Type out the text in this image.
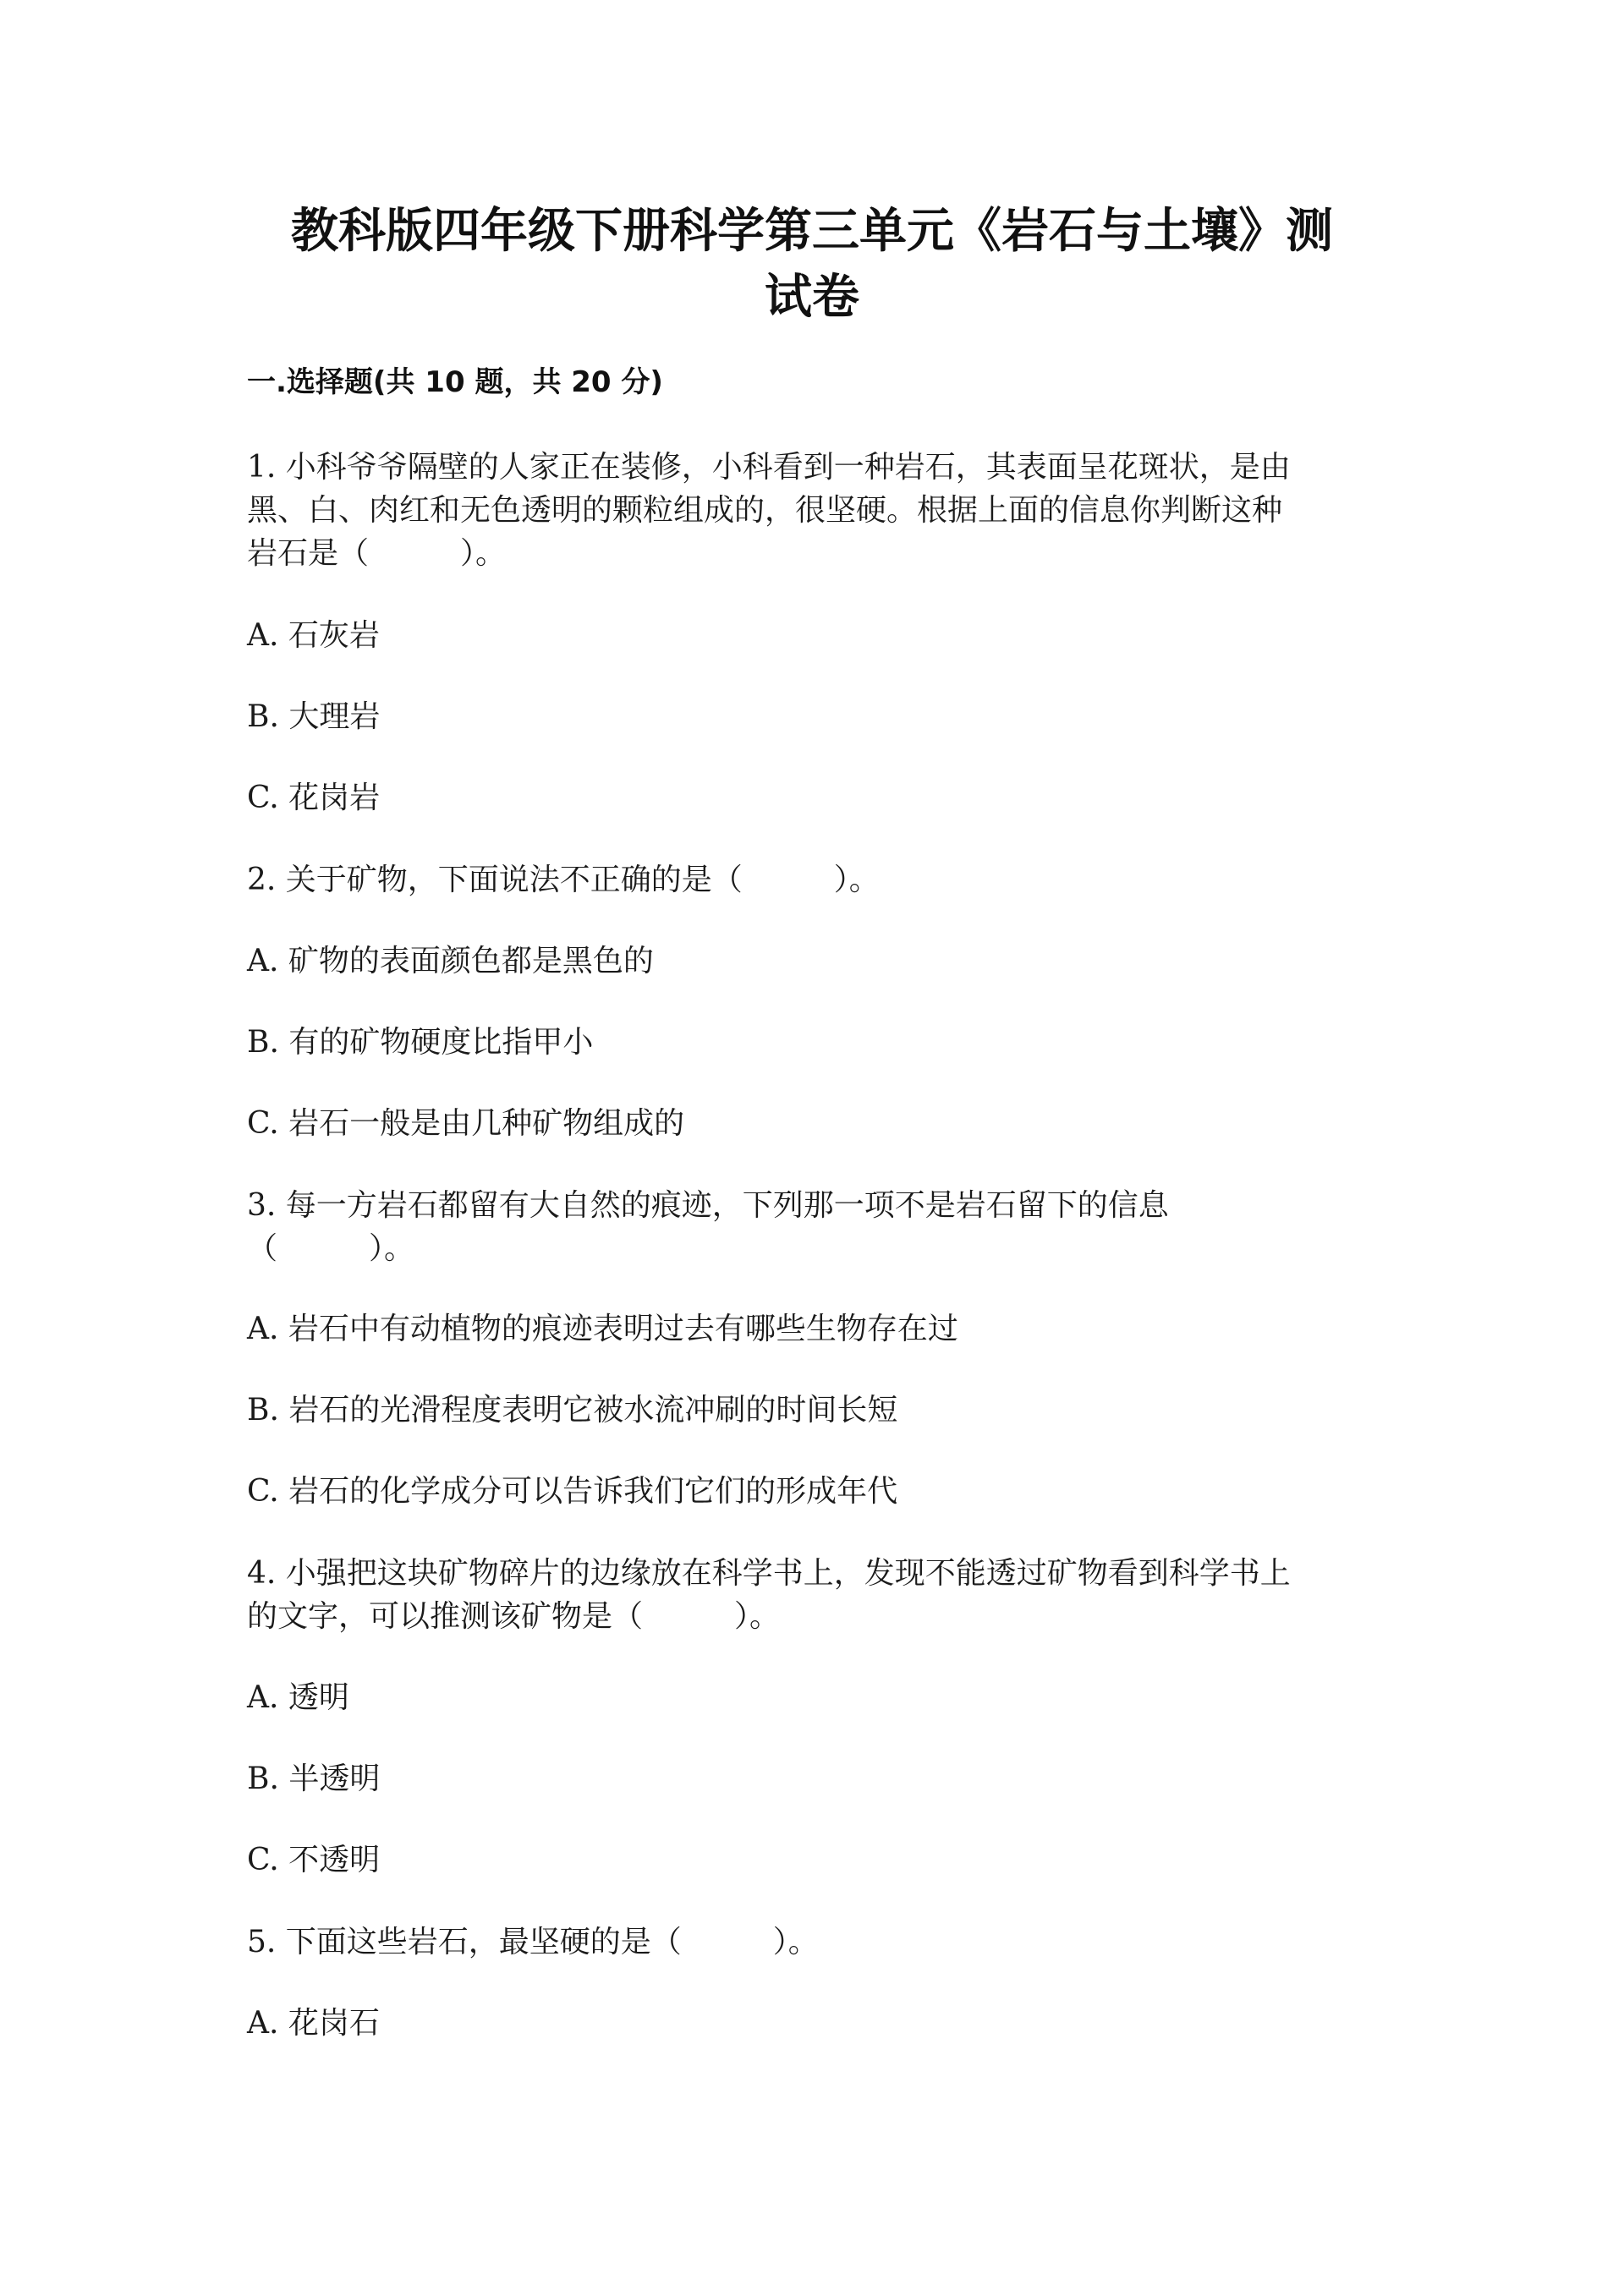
教科版四年级下册科学第三单元《岩石与土壤》测
试卷
一.选择题(共 10 题，共 20 分)
1. 小科爷爷隔壁的人家正在装修，小科看到一种岩石，其表面呈花斑状，是由
黑、白、肉红和无色透明的颗粒组成的，很坚硬。根据上面的信息你判断这种
岩石是（　　　）。
A. 石灰岩
B. 大理岩
C. 花岗岩
2. 关于矿物，下面说法不正确的是（　　　）。
A. 矿物的表面颜色都是黑色的
B. 有的矿物硬度比指甲小
C. 岩石一般是由几种矿物组成的
3. 每一方岩石都留有大自然的痕迹，下列那一项不是岩石留下的信息
（　　　）。
A. 岩石中有动植物的痕迹表明过去有哪些生物存在过
B. 岩石的光滑程度表明它被水流冲刷的时间长短
C. 岩石的化学成分可以告诉我们它们的形成年代
4. 小强把这块矿物碎片的边缘放在科学书上，发现不能透过矿物看到科学书上
的文字，可以推测该矿物是（　　　）。
A. 透明
B. 半透明
C. 不透明
5. 下面这些岩石，最坚硬的是（　　　）。
A. 花岗石
